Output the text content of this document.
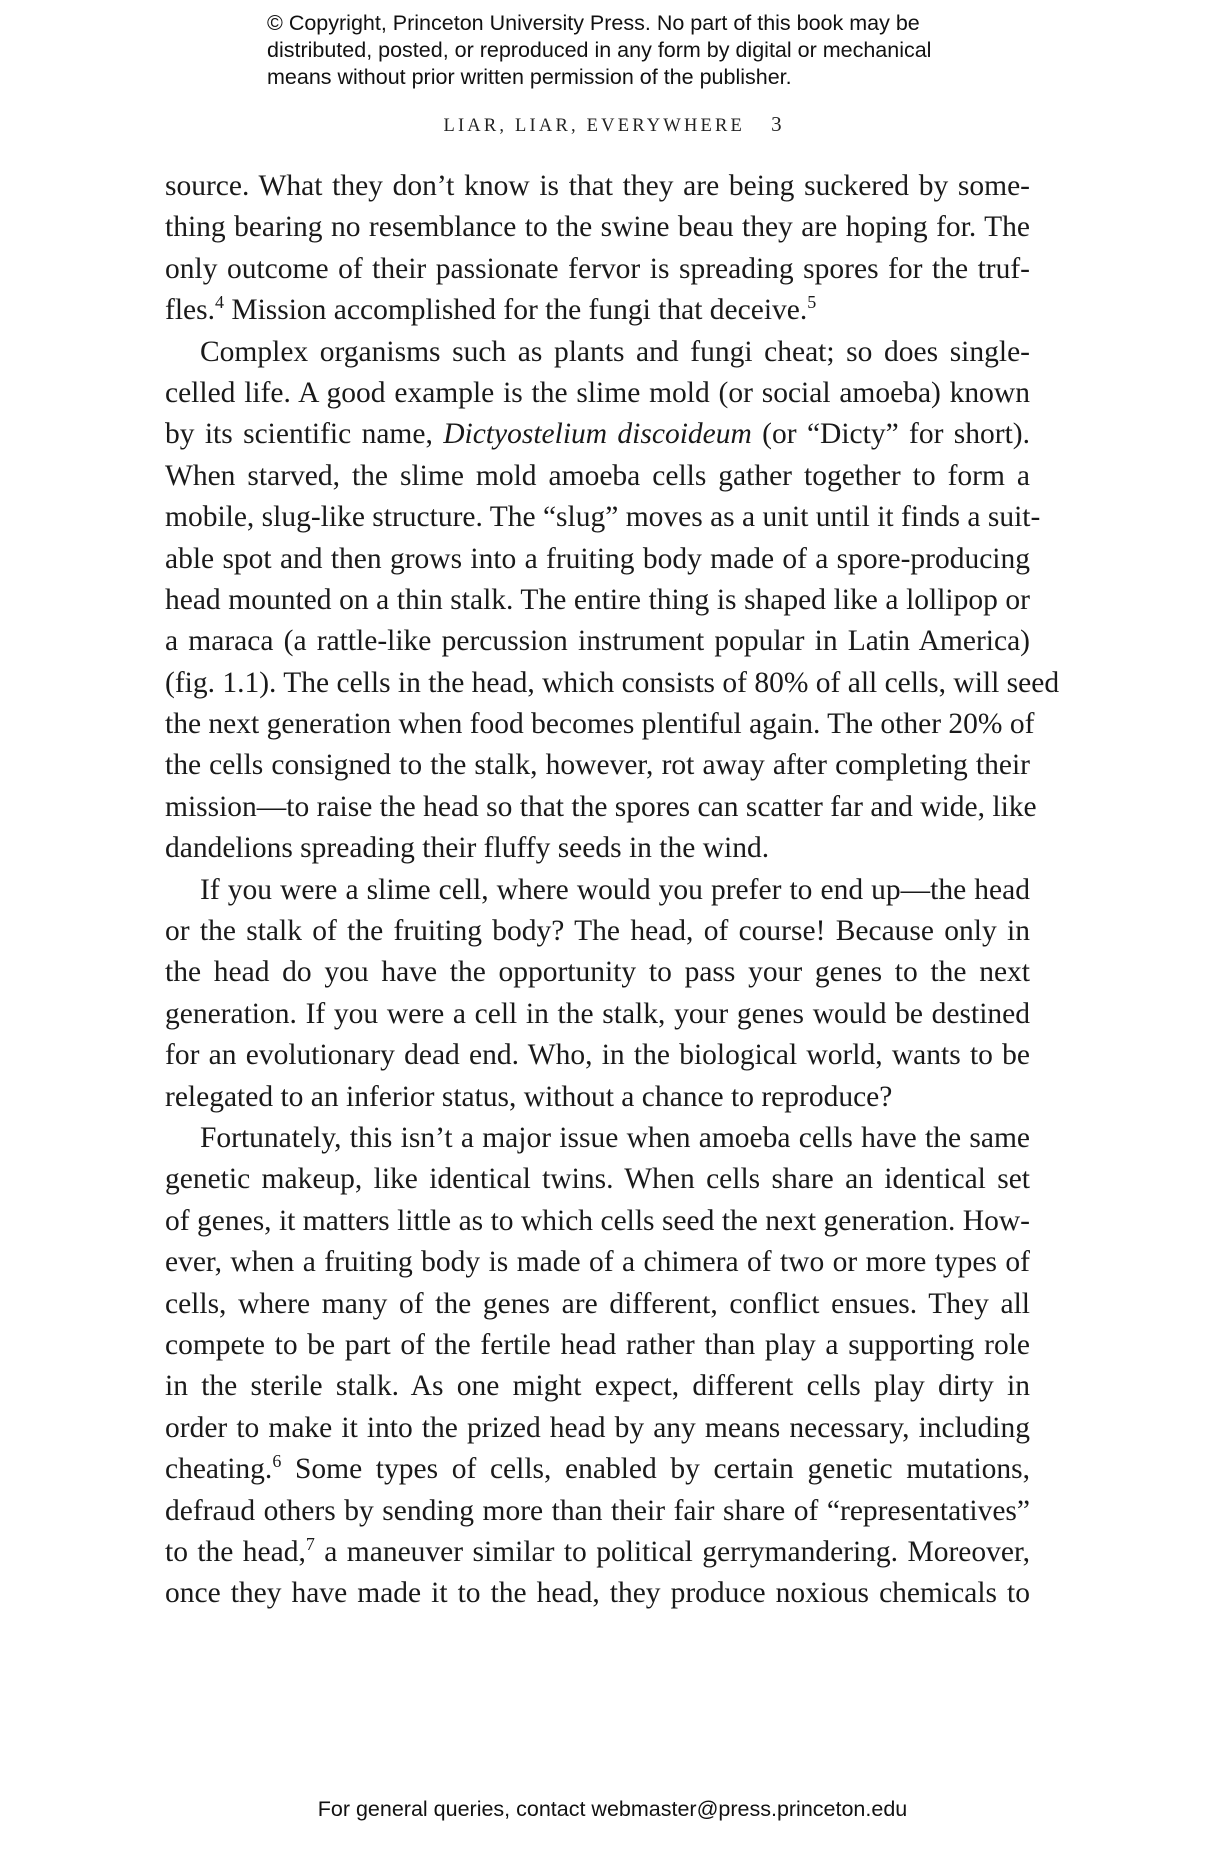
© Copyright, Princeton University Press. No part of this book may be
distributed, posted, or reproduced in any form by digital or mechanical
means without prior written permission of the publisher.
LIAR, LIAR, EVERYWHERE 3
source. What they don’t know is that they are being suckered by some-
thing bearing no resemblance to the swine beau they are hoping for. The
only outcome of their passionate fervor is spreading spores for the truf-
fles.$^4$ Mission accomplished for the fungi that deceive.$^5$
Complex organisms such as plants and fungi cheat; so does single-
celled life. A good example is the slime mold (or social amoeba) known
by its scientific name, Dictyostelium discoideum (or “Dicty” for short).
When starved, the slime mold amoeba cells gather together to form a
mobile, slug-like structure. The “slug” moves as a unit until it finds a suit-
able spot and then grows into a fruiting body made of a spore-producing
head mounted on a thin stalk. The entire thing is shaped like a lollipop or
a maraca (a rattle-like percussion instrument popular in Latin America)
(fig. 1.1). The cells in the head, which consists of 80% of all cells, will seed
the next generation when food becomes plentiful again. The other 20% of
the cells consigned to the stalk, however, rot away after completing their
mission—to raise the head so that the spores can scatter far and wide, like
dandelions spreading their fluffy seeds in the wind.
If you were a slime cell, where would you prefer to end up—the head
or the stalk of the fruiting body? The head, of course! Because only in
the head do you have the opportunity to pass your genes to the next
generation. If you were a cell in the stalk, your genes would be destined
for an evolutionary dead end. Who, in the biological world, wants to be
relegated to an inferior status, without a chance to reproduce?
Fortunately, this isn’t a major issue when amoeba cells have the same
genetic makeup, like identical twins. When cells share an identical set
of genes, it matters little as to which cells seed the next generation. How-
ever, when a fruiting body is made of a chimera of two or more types of
cells, where many of the genes are different, conflict ensues. They all
compete to be part of the fertile head rather than play a supporting role
in the sterile stalk. As one might expect, different cells play dirty in
order to make it into the prized head by any means necessary, including
cheating.$^6$ Some types of cells, enabled by certain genetic mutations,
defraud others by sending more than their fair share of “representatives”
to the head,$^7$ a maneuver similar to political gerrymandering. Moreover,
once they have made it to the head, they produce noxious chemicals to
For general queries, contact webmaster@press.princeton.edu
